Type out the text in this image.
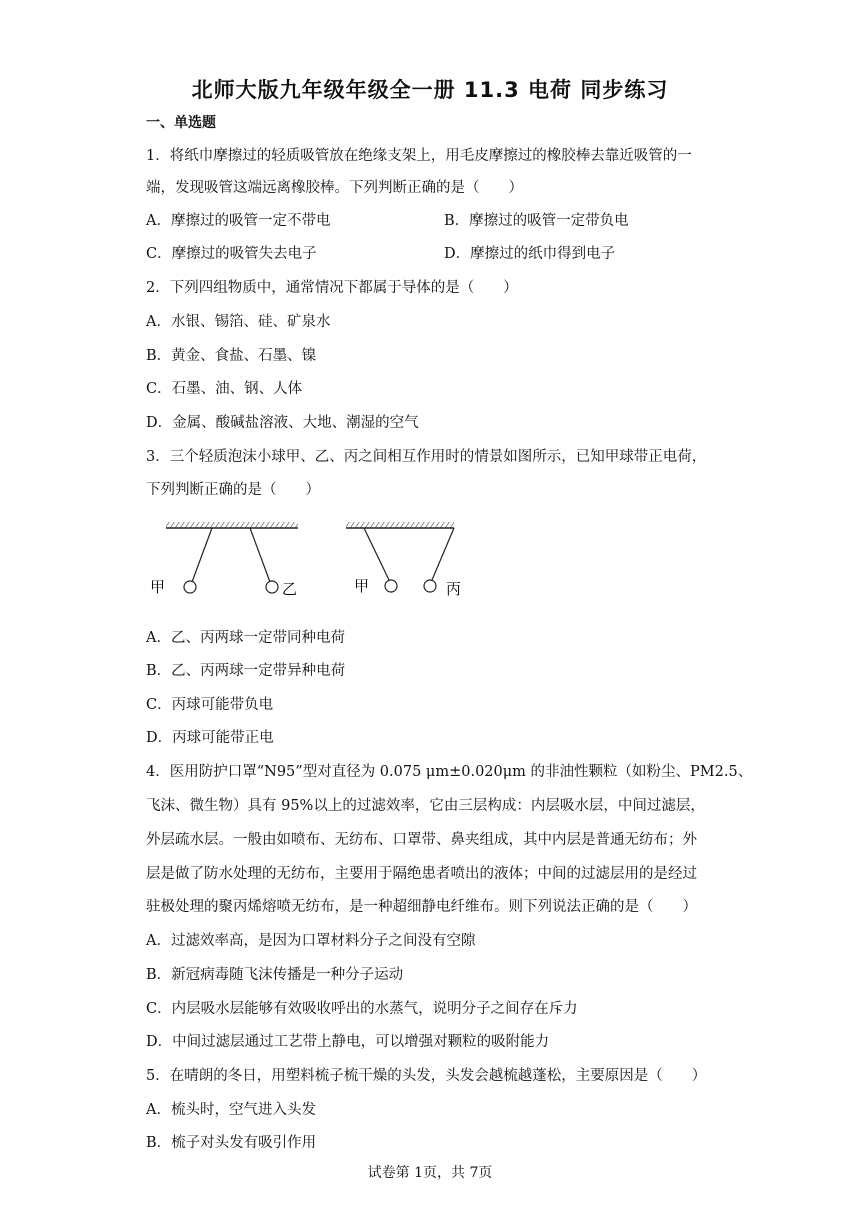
北师大版九年级年级全一册 11.3 电荷 同步练习
一、单选题
1．将纸巾摩擦过的轻质吸管放在绝缘支架上，用毛皮摩擦过的橡胶棒去靠近吸管的一
端，发现吸管这端远离橡胶棒。下列判断正确的是（　　）
A．摩擦过的吸管一定不带电	B．摩擦过的吸管一定带负电
C．摩擦过的吸管失去电子	D．摩擦过的纸巾得到电子
2．下列四组物质中，通常情况下都属于导体的是（　　）
A．水银、锡箔、硅、矿泉水
B．黄金、食盐、石墨、镍
C．石墨、油、钢、人体
D．金属、酸碱盐溶液、大地、潮湿的空气
3．三个轻质泡沫小球甲、乙、丙之间相互作用时的情景如图所示，已知甲球带正电荷，
下列判断正确的是（　　）
甲	乙	甲	丙
A．乙、丙两球一定带同种电荷
B．乙、丙两球一定带异种电荷
C．丙球可能带负电
D．丙球可能带正电
4．医用防护口罩“N95”型对直径为 0.075 μm±0.020μm 的非油性颗粒（如粉尘、PM2.5、
飞沫、微生物）具有 95%以上的过滤效率，它由三层构成：内层吸水层，中间过滤层，
外层疏水层。一般由如喷布、无纺布、口罩带、鼻夹组成，其中内层是普通无纺布；外
层是做了防水处理的无纺布，主要用于隔绝患者喷出的液体；中间的过滤层用的是经过
驻极处理的聚丙烯熔喷无纺布，是一种超细静电纤维布。则下列说法正确的是（　　）
A．过滤效率高，是因为口罩材料分子之间没有空隙
B．新冠病毒随飞沫传播是一种分子运动
C．内层吸水层能够有效吸收呼出的水蒸气，说明分子之间存在斥力
D．中间过滤层通过工艺带上静电，可以增强对颗粒的吸附能力
5．在晴朗的冬日，用塑料梳子梳干燥的头发，头发会越梳越蓬松，主要原因是（　　）
A．梳头时，空气进入头发
B．梳子对头发有吸引作用
试卷第 1页，共 7页
